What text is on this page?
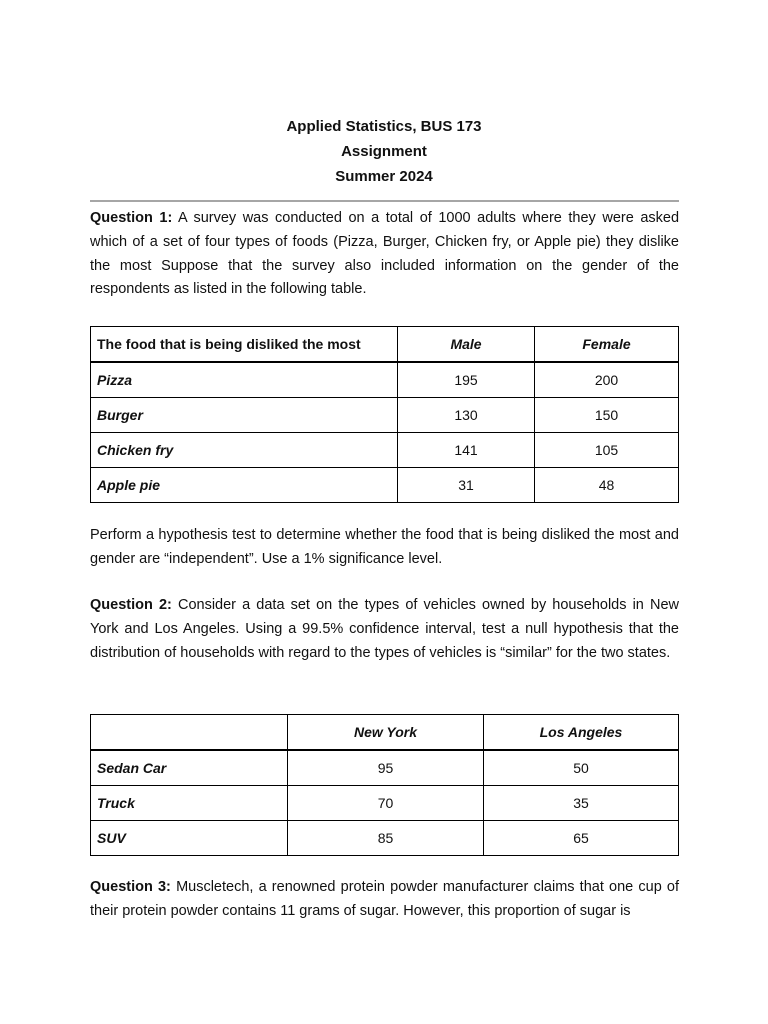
Applied Statistics, BUS 173
Assignment
Summer 2024

Question 1: A survey was conducted on a total of 1000 adults where they were asked which of a set of four types of foods (Pizza, Burger, Chicken fry, or Apple pie) they dislike the most Suppose that the survey also included information on the gender of the respondents as listed in the following table.

The food that is being disliked the most	Male	Female
Pizza	195	200
Burger	130	150
Chicken fry	141	105
Apple pie	31	48

Perform a hypothesis test to determine whether the food that is being disliked the most and gender are “independent”. Use a 1% significance level.

Question 2: Consider a data set on the types of vehicles owned by households in New York and Los Angeles. Using a 99.5% confidence interval, test a null hypothesis that the distribution of households with regard to the types of vehicles is “similar” for the two states.

	New York	Los Angeles
Sedan Car	95	50
Truck	70	35
SUV	85	65

Question 3: Muscletech, a renowned protein powder manufacturer claims that one cup of their protein powder contains 11 grams of sugar. However, this proportion of sugar is
